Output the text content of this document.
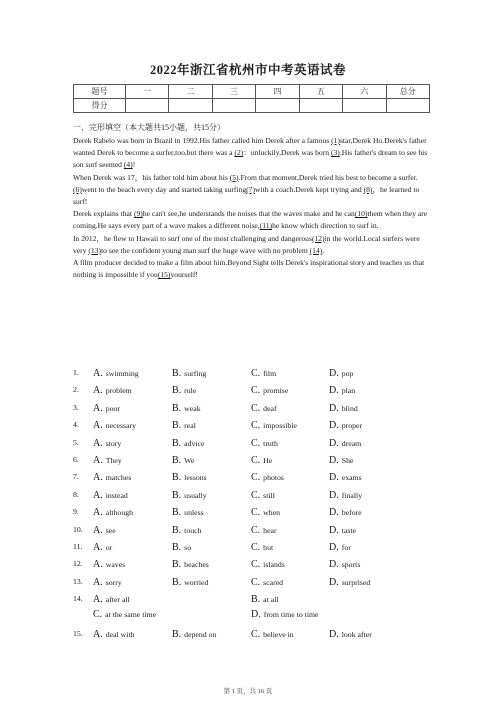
2022年浙江省杭州市中考英语试卷
题号	一	二	三	四	五	六	总分
得分							
一、完形填空（本大题共15小题，共15分）

Derek Rabelo was born in Brazil in 1992.His father called him Derek after a famous (1)star,Derek Ho.Derek's father wanted Derek to become a surfer,too,but there was a (2)：unluckily,Derek was born (3).His father's dream to see his son surf seemed (4)!

When Derek was 17，his father told him about his (5).From that moment,Derek tried his best to become a surfer. (6)went to the beach every day and started taking surfing(7)with a coach.Derek kept trying and (8)，he learned to surf!

Derek explains that (9)he can't see,he understands the noises that the waves make and he can(10)them when they are coming.He says every part of a wave makes a different noise,(11)he know which direction to surf in.

In 2012，he flew to Hawaii to surf one of the most challenging and dangerous(12)in the world.Local surfers were very (13)to see the confident young man surf the huge wave with no problem (14).

A film producer decided to make a film about him.Beyond Sight tells Derek's inspirational story and teaches us that nothing is impossible if you(15)yourself!

1. A. swimming	B. surfing	C. film	D. pop
2. A. problem	B. rule	C. promise	D. plan
3. A. poor	B. weak	C. deaf	D. blind
4. A. necessary	B. real	C. impossible	D. proper
5. A. story	B. advice	C. truth	D. dream
6. A. They	B. We	C. He	D. She
7. A. matches	B. lessons	C. photos	D. exams
8. A. instead	B. usually	C. still	D. finally
9. A. although	B. unless	C. when	D. before
10. A. see	B. touch	C. hear	D. taste
11. A. or	B. so	C. but	D. for
12. A. waves	B. beaches	C. islands	D. sports
13. A. sorry	B. worried	C. scared	D. surprised
14. A. after all	B. at all
C. at the same time	D. from time to time
15. A. deal with	B. depend on	C. believe in	D. look after
第 1 页，共 16 页
